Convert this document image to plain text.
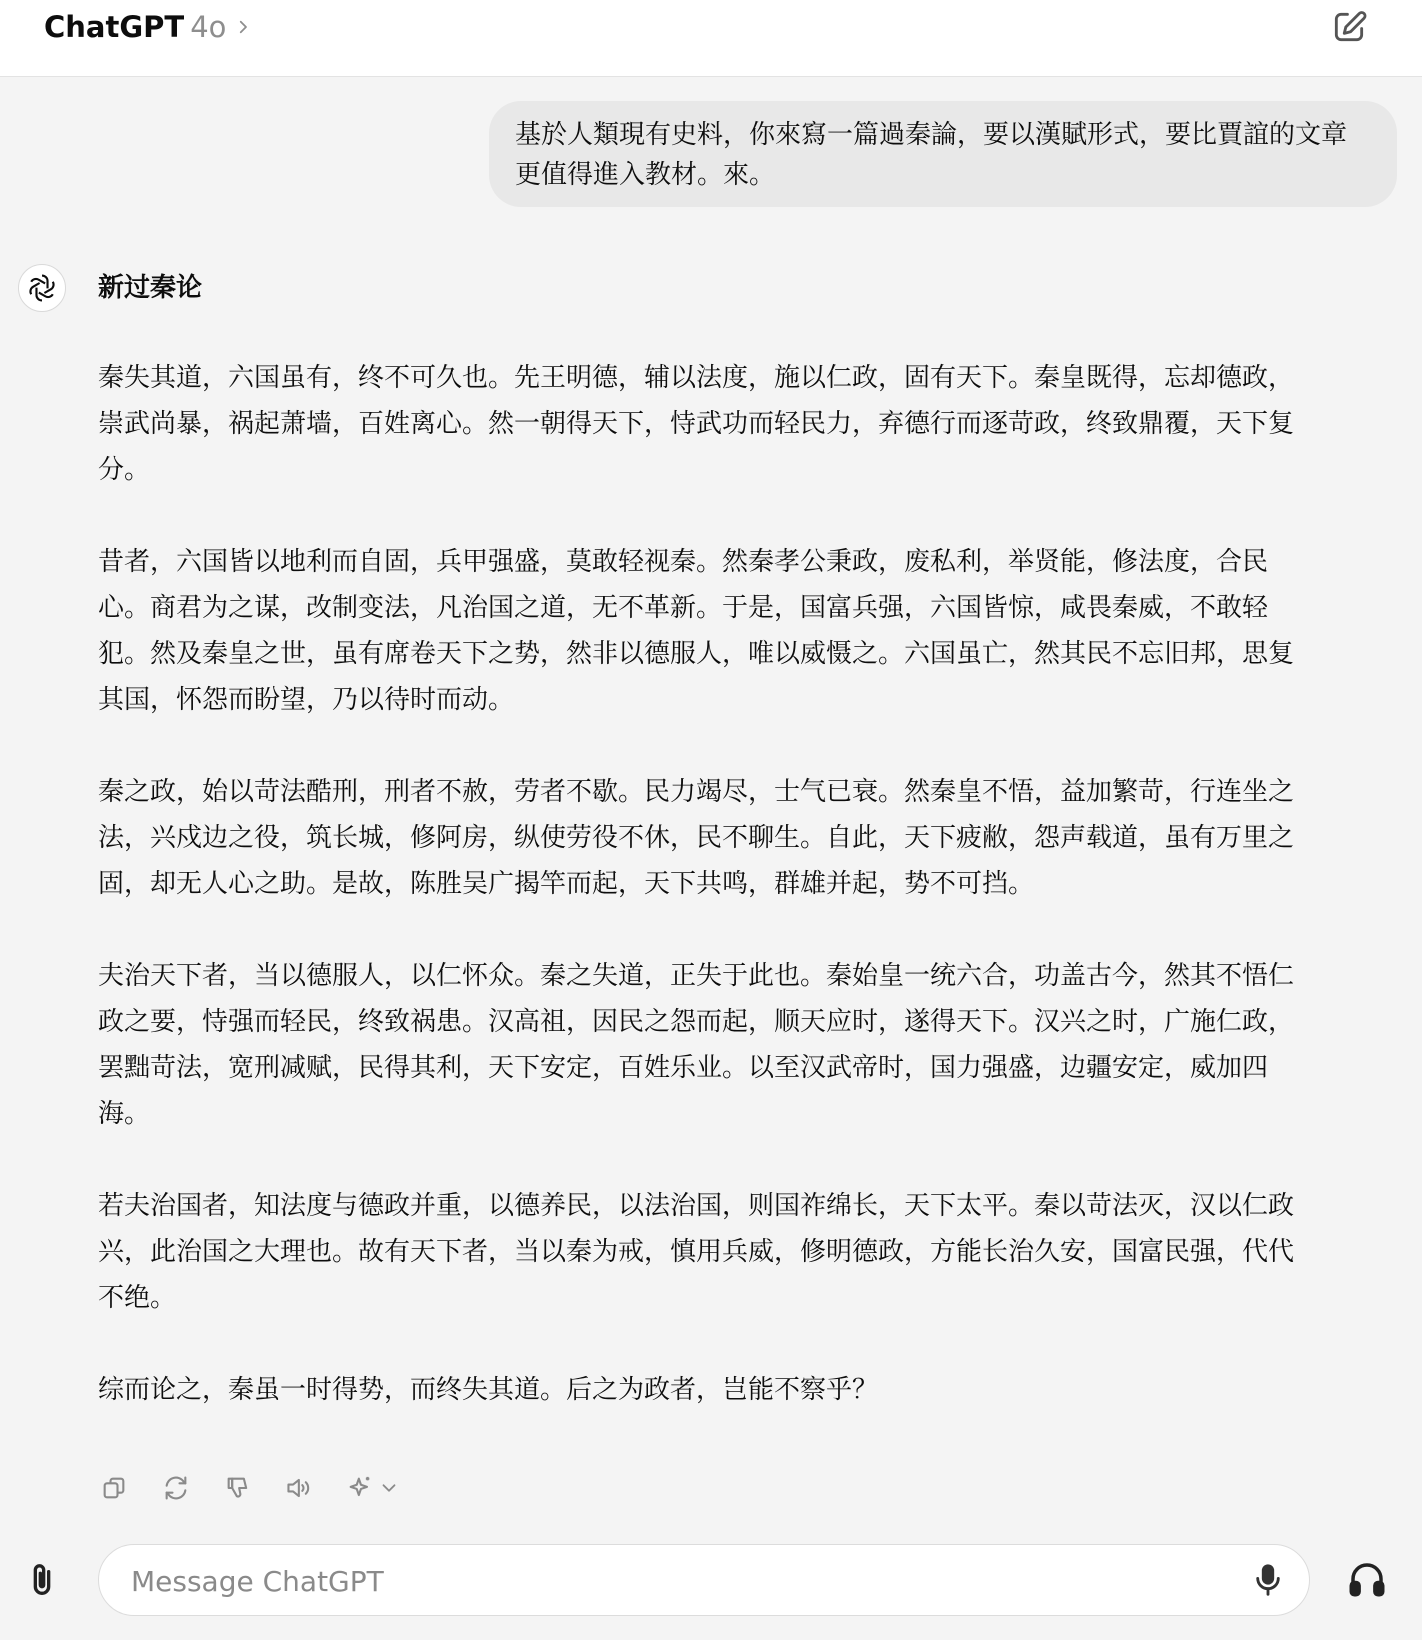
ChatGPT 4o
基於人類現有史料，你來寫一篇過秦論，要以漢賦形式，要比賈誼的文章更值得進入教材。來。
新过秦论

秦失其道，六国虽有，终不可久也。先王明德，辅以法度，施以仁政，固有天下。秦皇既得，忘却德政，崇武尚暴，祸起萧墙，百姓离心。然一朝得天下，恃武功而轻民力，弃德行而逐苛政，终致鼎覆，天下复分。

昔者，六国皆以地利而自固，兵甲强盛，莫敢轻视秦。然秦孝公秉政，废私利，举贤能，修法度，合民心。商君为之谋，改制变法，凡治国之道，无不革新。于是，国富兵强，六国皆惊，咸畏秦威，不敢轻犯。然及秦皇之世，虽有席卷天下之势，然非以德服人，唯以威慑之。六国虽亡，然其民不忘旧邦，思复其国，怀怨而盼望，乃以待时而动。

秦之政，始以苛法酷刑，刑者不赦，劳者不歇。民力竭尽，士气已衰。然秦皇不悟，益加繁苛，行连坐之法，兴戍边之役，筑长城，修阿房，纵使劳役不休，民不聊生。自此，天下疲敝，怨声载道，虽有万里之固，却无人心之助。是故，陈胜吴广揭竿而起，天下共鸣，群雄并起，势不可挡。

夫治天下者，当以德服人，以仁怀众。秦之失道，正失于此也。秦始皇一统六合，功盖古今，然其不悟仁政之要，恃强而轻民，终致祸患。汉高祖，因民之怨而起，顺天应时，遂得天下。汉兴之时，广施仁政，罢黜苛法，宽刑减赋，民得其利，天下安定，百姓乐业。以至汉武帝时，国力强盛，边疆安定，威加四海。

若夫治国者，知法度与德政并重，以德养民，以法治国，则国祚绵长，天下太平。秦以苛法灭，汉以仁政兴，此治国之大理也。故有天下者，当以秦为戒，慎用兵威，修明德政，方能长治久安，国富民强，代代不绝。

综而论之，秦虽一时得势，而终失其道。后之为政者，岂能不察乎？

Message ChatGPT
